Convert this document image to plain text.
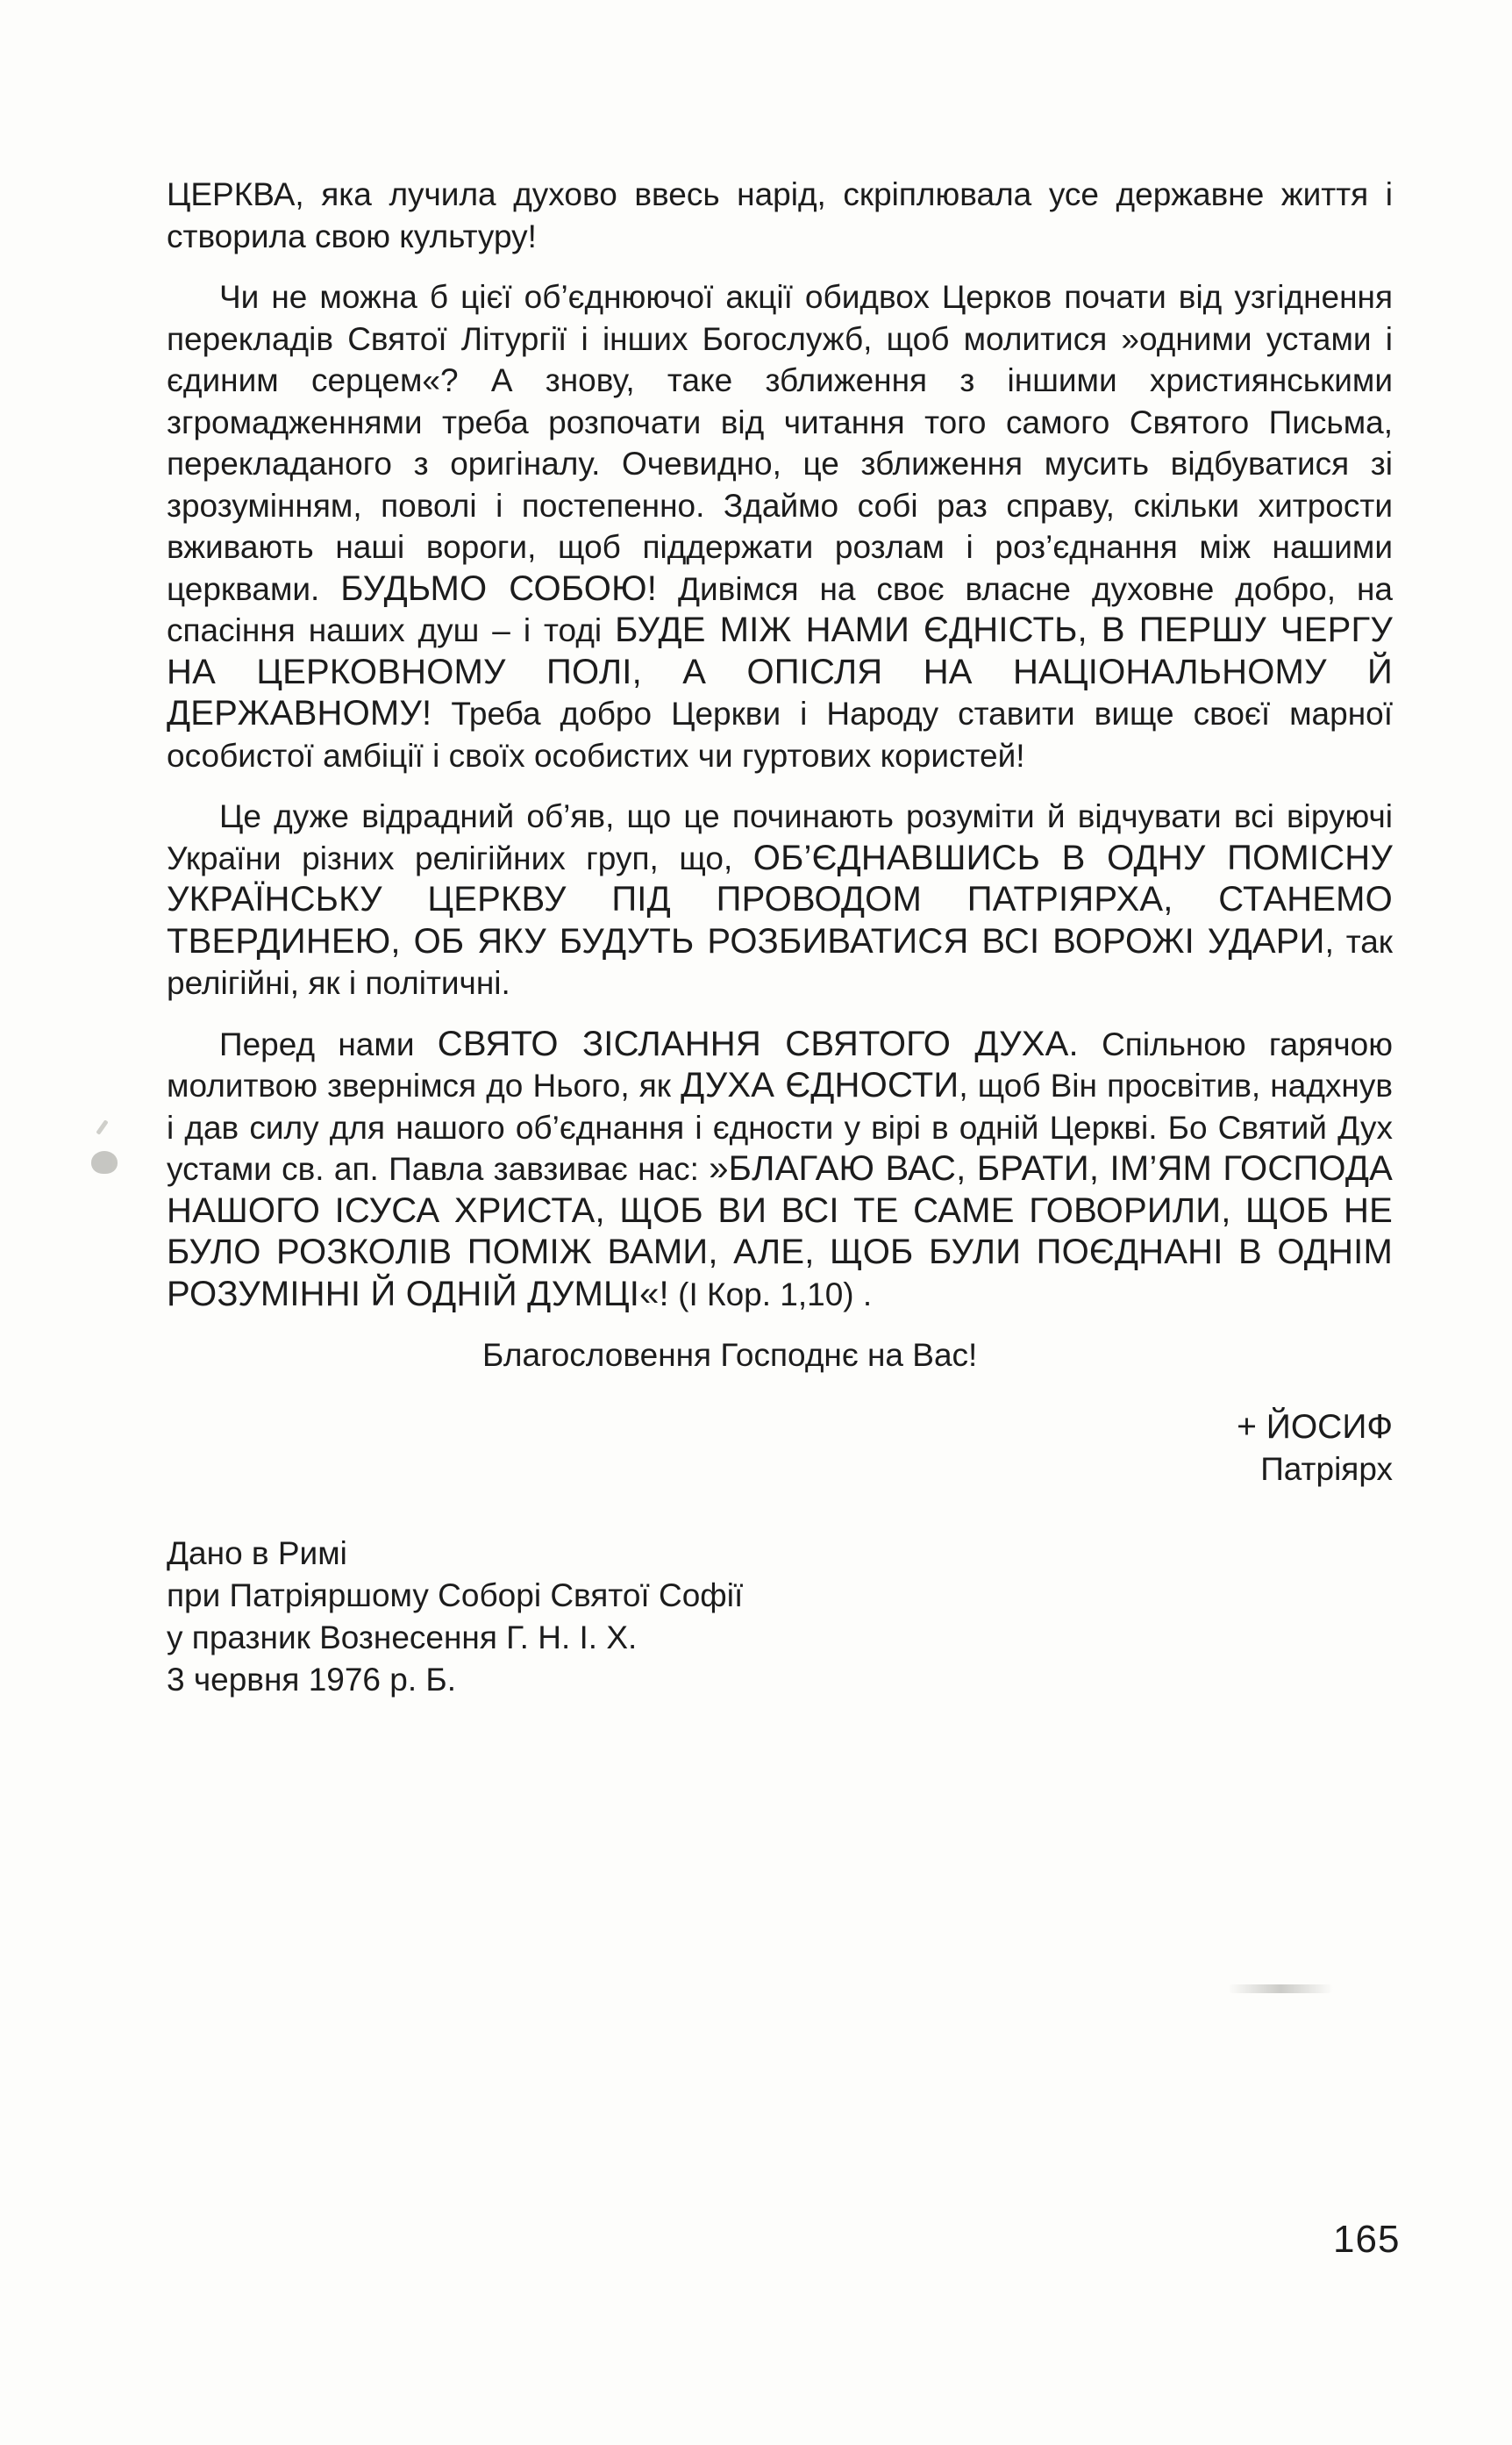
ЦЕРКВА, яка лучила духово ввесь нарід, скріплювала усе державне життя і створила свою культуру!

Чи не можна б цієї об’єднюючої акції обидвох Церков почати від узгіднення перекладів Святої Літургії і інших Богослужб, щоб молитися »одними устами і єдиним серцем«? А знову, таке зближення з іншими християнськими згромадженнями треба розпочати від читання того самого Святого Письма, перекладаного з оригіналу. Очевидно, це зближення мусить відбуватися зі зрозумінням, поволі і постепенно. Здаймо собі раз справу, скільки хитрости вживають наші вороги, щоб піддержати розлам і роз’єднання між нашими церквами. БУДЬМО СОБОЮ! Дивімся на своє власне духовне добро, на спасіння наших душ – і тоді БУДЕ МІЖ НАМИ ЄДНІСТЬ, В ПЕРШУ ЧЕРГУ НА ЦЕРКОВНОМУ ПОЛІ, А ОПІСЛЯ НА НАЦІОНАЛЬНОМУ Й ДЕРЖАВНОМУ! Треба добро Церкви і Народу ставити вище своєї марної особистої амбіції і своїх особистих чи гуртових користей!

Це дуже відрадний об’яв, що це починають розуміти й відчувати всі віруючі України різних релігійних груп, що, ОБ’ЄДНАВШИСЬ В ОДНУ ПОМІСНУ УКРАЇНСЬКУ ЦЕРКВУ ПІД ПРОВОДОМ ПАТРІЯРХА, СТАНЕМО ТВЕРДИНЕЮ, ОБ ЯКУ БУДУТЬ РОЗБИВАТИСЯ ВСІ ВОРОЖІ УДАРИ, так релігійні, як і політичні.

Перед нами СВЯТО ЗІСЛАННЯ СВЯТОГО ДУХА. Спільною гарячою молитвою звернімся до Нього, як ДУХА ЄДНОСТИ, щоб Він просвітив, надхнув і дав силу для нашого об’єднання і єдности у вірі в одній Церкві. Бо Святий Дух устами св. ап. Павла завзиває нас: »БЛАГАЮ ВАС, БРАТИ, ІМ’ЯМ ГОСПОДА НАШОГО ІСУСА ХРИСТА, ЩОБ ВИ ВСІ ТЕ САМЕ ГОВОРИЛИ, ЩОБ НЕ БУЛО РОЗКОЛІВ ПОМІЖ ВАМИ, АЛЕ, ЩОБ БУЛИ ПОЄДНАНІ В ОДНІМ РОЗУМІННІ Й ОДНІЙ ДУМЦІ«! (І Кор. 1,10) .

Благословення Господнє на Вас!

+ ЙОСИФ
Патріярх
Дано в Римі
при Патріяршому Соборі Святої Софії
у празник Вознесення Г. Н. І. Х.
3 червня 1976 р. Б.
165
